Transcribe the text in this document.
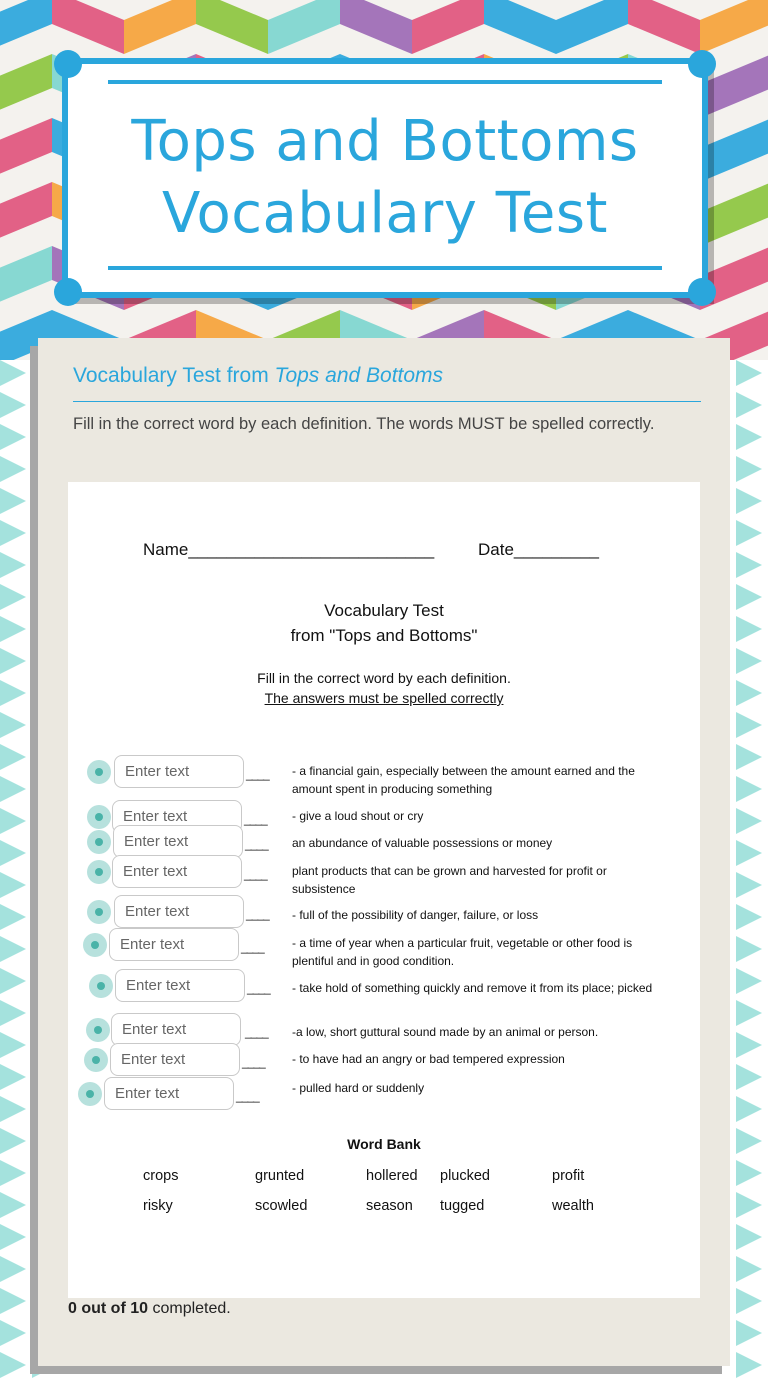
Tops and Bottoms
Vocabulary Test
Vocabulary Test from Tops and Bottoms
Fill in the correct word by each definition. The words MUST be spelled correctly.
Name__________________________	Date_________
Vocabulary Test
from "Tops and Bottoms"
Fill in the correct word by each definition.
The answers must be spelled correctly
Enter text
____ - a financial gain, especially between the amount earned and the amount spent in producing something
Enter text
____ - give a loud shout or cry
Enter text
____ an abundance of valuable possessions or money
Enter text
____ plant products that can be grown and harvested for profit or subsistence
Enter text
____ - full of the possibility of danger, failure, or loss
Enter text
____ - a time of year when a particular fruit, vegetable or other food is plentiful and in good condition.
Enter text
____ - take hold of something quickly and remove it from its place; picked
Enter text
____ -a low, short guttural sound made by an animal or person.
Enter text
____ - to have had an angry or bad tempered expression
Enter text
____
- pulled hard or suddenly
Word Bank
crops	grunted	hollered plucked	profit
risky	scowled	season tugged	wealth
0 out of 10 completed.
